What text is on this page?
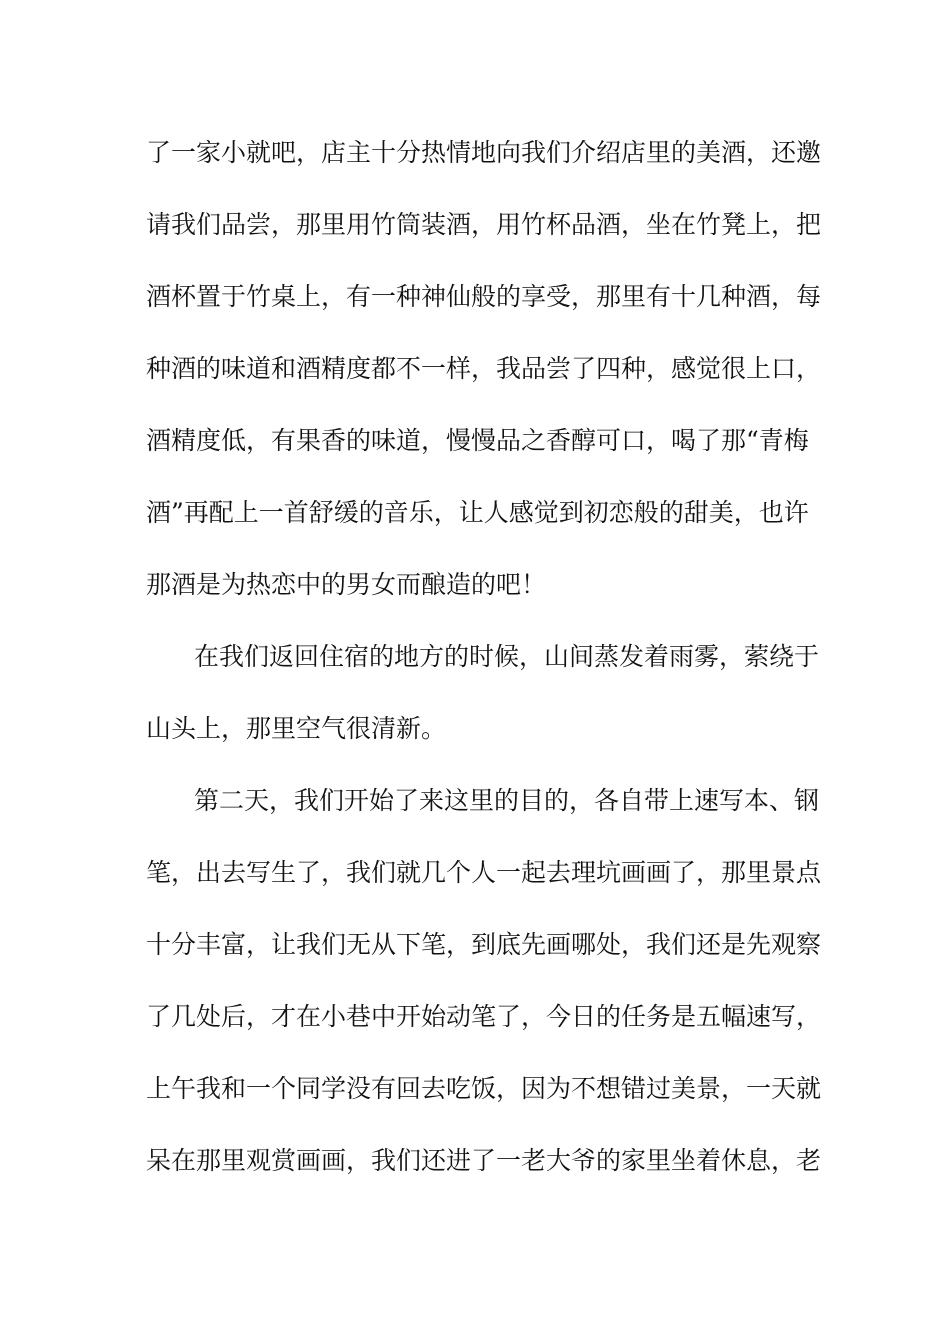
了一家小就吧，店主十分热情地向我们介绍店里的美酒，还邀
请我们品尝，那里用竹筒装酒，用竹杯品酒，坐在竹凳上，把
酒杯置于竹桌上，有一种神仙般的享受，那里有十几种酒，每
种酒的味道和酒精度都不一样，我品尝了四种，感觉很上口，
酒精度低，有果香的味道，慢慢品之香醇可口，喝了那“青梅
酒”再配上一首舒缓的音乐，让人感觉到初恋般的甜美，也许
那酒是为热恋中的男女而酿造的吧！
在我们返回住宿的地方的时候，山间蒸发着雨雾，萦绕于
山头上，那里空气很清新。
第二天，我们开始了来这里的目的，各自带上速写本、钢
笔，出去写生了，我们就几个人一起去理坑画画了，那里景点
十分丰富，让我们无从下笔，到底先画哪处，我们还是先观察
了几处后，才在小巷中开始动笔了，今日的任务是五幅速写，
上午我和一个同学没有回去吃饭，因为不想错过美景，一天就
呆在那里观赏画画，我们还进了一老大爷的家里坐着休息，老
